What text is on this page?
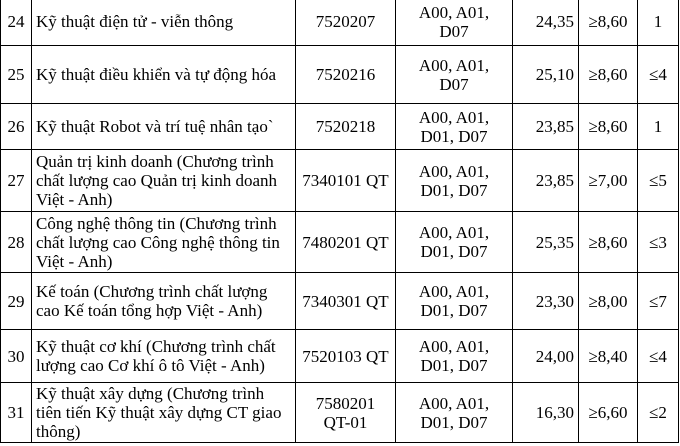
24	Kỹ thuật điện tử - viễn thông	7520207	A00, A01,
D07	24,35	≥8,60	1
25	Kỹ thuật điều khiển và tự động hóa	7520216	A00, A01,
D07	25,10	≥8,60	≤4
26	Kỹ thuật Robot và trí tuệ nhân tạo`	7520218	A00, A01,
D01, D07	23,85	≥8,60	1
27	Quản trị kinh doanh (Chương trình chất lượng cao Quản trị kinh doanh Việt - Anh)	7340101 QT	A00, A01,
D01, D07	23,85	≥7,00	≤5
28	Công nghệ thông tin (Chương trình chất lượng cao Công nghệ thông tin Việt - Anh)	7480201 QT	A00, A01,
D01, D07	25,35	≥8,60	≤3
29	Kế toán (Chương trình chất lượng cao Kế toán tổng hợp Việt - Anh)	7340301 QT	A00, A01,
D01, D07	23,30	≥8,00	≤7
30	Kỹ thuật cơ khí (Chương trình chất lượng cao Cơ khí ô tô Việt - Anh)	7520103 QT	A00, A01,
D01, D07	24,00	≥8,40	≤4
31	Kỹ thuật xây dựng (Chương trình tiên tiến Kỹ thuật xây dựng CT giao thông)	7580201
QT-01	A00, A01,
D01, D07	16,30	≥6,60	≤2
